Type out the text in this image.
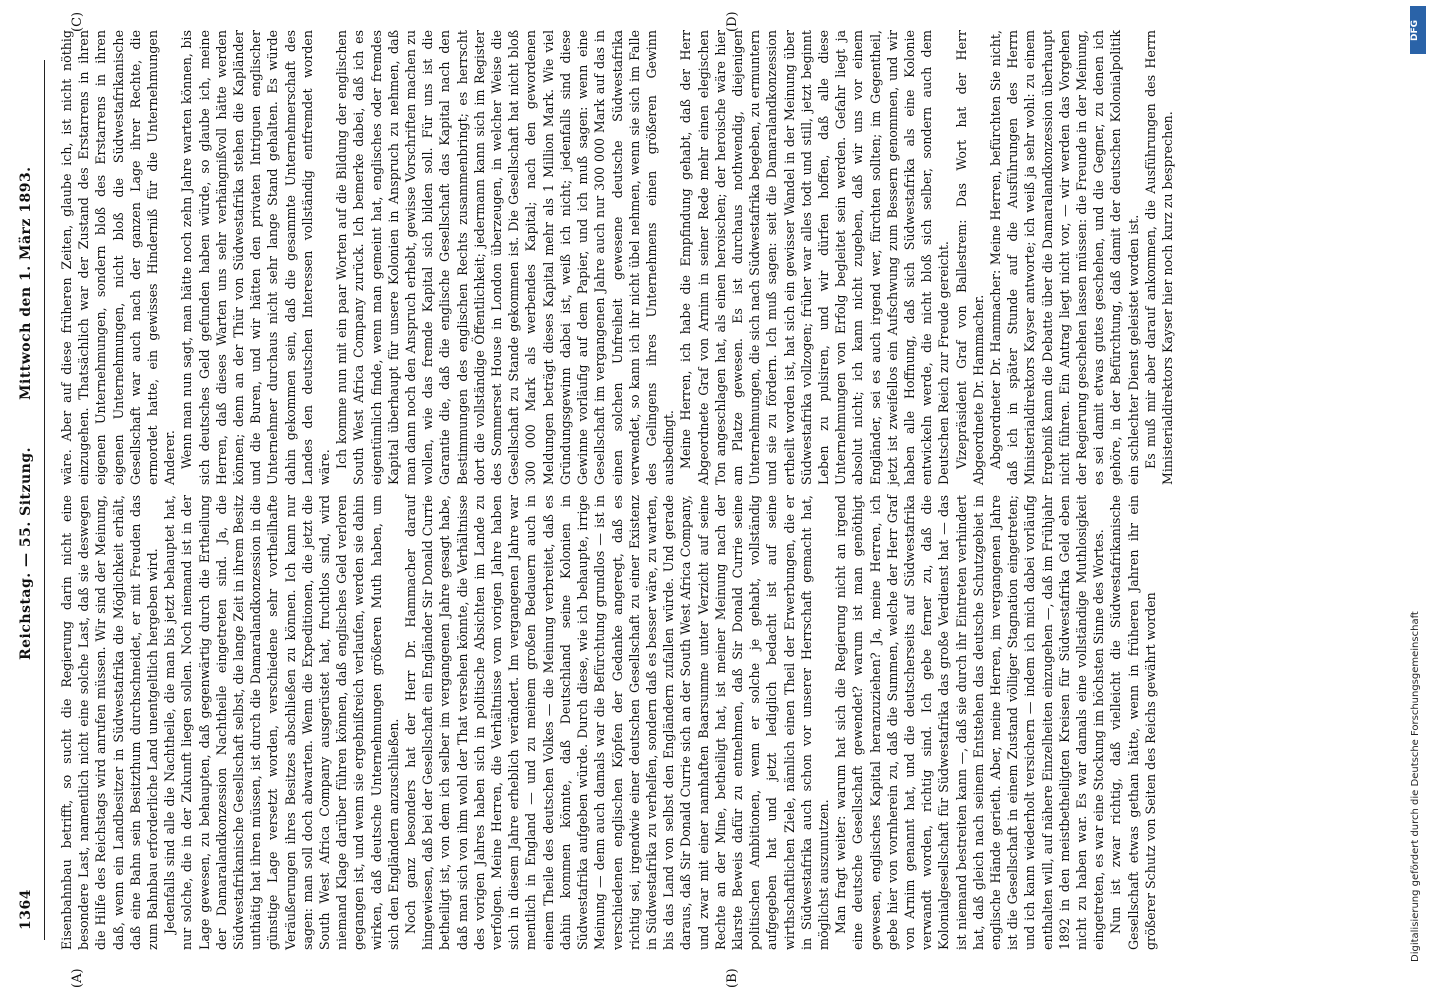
1364
Reichstag. — 55. Sitzung.
Mittwoch den 1. März 1893.
(A)	(B)
(C)	(D)

Eisenbahnbau betrifft, so sucht die Regierung darin nicht eine besondere Last, namentlich nicht eine solche Last, daß sie deswegen die Hilfe des Reichstags wird anrufen müssen. Wir sind der Meinung, daß, wenn ein Landbesitzer in Südwestafrika die Möglichkeit erhält, daß eine Bahn sein Besitzthum durchschneidet, er mit Freuden das zum Bahnbau erforderliche Land unentgeltlich hergeben wird. Jedenfalls sind alle die Nachtheile, die man bis jetzt behauptet hat, nur solche, die in der Zukunft liegen sollen. Noch niemand ist in der Lage gewesen, zu behaupten, daß gegenwärtig durch die Ertheilung der Damaralandkonzession Nachtheile eingetreten sind. Ja, die Südwestafrikanische Gesellschaft selbst, die lange Zeit in ihrem Besitz unthätig hat ihren müssen, ist durch die Damaralandkonzession in die günstige Lage versetzt worden, verschiedene sehr vortheilhafte Veräußerungen ihres Besitzes abschließen zu können. Ich kann nur sagen: man soll doch abwarten. Wenn die Expeditionen, die jetzt die South West Africa Company ausgerüstet hat, fruchtlos sind, wird niemand Klage darüber führen können, daß englisches Geld verloren gegangen ist, und wenn sie ergebnißreich verlaufen, werden sie dahin wirken, daß deutsche Unternehmungen größeren Muth haben, um sich den Engländern anzuschließen. Noch ganz besonders hat der Herr Dr. Hammacher darauf hingewiesen, daß bei der Gesellschaft ein Engländer Sir Donald Currie betheiligt ist, von dem ich selber im vergangenen Jahre gesagt habe, daß man sich von ihm wohl der That versehen könnte, die Verhältnisse des vorigen Jahres haben sich in politische Absichten im Lande zu verfolgen. Meine Herren, die Verhältnisse vom vorigen Jahre haben sich in diesem Jahre erheblich verändert. Im vergangenen Jahre war mentlich in England — und zu meinem großen Bedauern auch in einem Theile des deutschen Volkes — die Meinung verbreitet, daß es dahin kommen könnte, daß Deutschland seine Kolonien in Südwestafrika aufgeben würde. Durch diese, wie ich behaupte, irrige Meinung — denn auch damals war die Befürchtung grundlos — ist in verschiedenen englischen Köpfen der Gedanke angeregt, daß es richtig sei, irgendwie einer deutschen Gesellschaft zu einer Existenz in Südwestafrika zu verhelfen, sondern daß es besser wäre, zu warten, bis das Land von selbst den Engländern zufallen würde. Und gerade daraus, daß Sir Donald Currie sich an der South West Africa Company, und zwar mit einer namhaften Baarsumme unter Verzicht auf seine Rechte an der Mine, betheiligt hat, ist meiner Meinung nach der klarste Beweis dafür zu entnehmen, daß Sir Donald Currie seine politischen Ambitionen, wenn er solche je gehabt, vollständig aufgegeben hat und jetzt lediglich bedacht ist auf seine wirthschaftlichen Ziele, nämlich einen Theil der Erwerbungen, die er in Südwestafrika auch schon vor unserer Herrschaft gemacht hat, möglichst auszunutzen. Man fragt weiter: warum hat sich die Regierung nicht an irgend eine deutsche Gesellschaft gewendet? warum ist man genöthigt gewesen, englisches Kapital heranzuziehen? Ja, meine Herren, ich gebe hier von vornherein zu, daß die Summen, welche der Herr Graf von Arnim genannt hat, und die deutscherseits auf Südwestafrika verwandt worden, richtig sind. Ich gebe ferner zu, daß die Kolonialgesellschaft für Südwestafrika das große Verdienst hat — das ist niemand bestreiten kann —, daß sie durch ihr Eintreten verhindert hat, daß gleich nach seinem Entstehen das deutsche Schutzgebiet in englische Hände gerieth. Aber, meine Herren, im vergangenen Jahre ist die Gesellschaft in einem Zustand völliger Stagnation eingetreten; und ich kann wiederholt versichern — indem ich mich dabei vorläufig enthalten will, auf nähere Einzelheiten einzugehen —, daß im Frühjahr 1892 in den meistbetheiligten Kreisen für Südwestafrika Geld eben nicht zu haben war. Es war damals eine vollständige Muthlosigkeit eingetreten, es war eine Stockung im höchsten Sinne des Wortes. Nun ist zwar richtig, daß vielleicht die Südwestafrikanische Gesellschaft etwas gethan hätte, wenn in früheren Jahren ihr ein größerer Schutz von Seiten des Reichs gewährt worden

wäre. Aber auf diese früheren Zeiten, glaube ich, ist nicht nöthig einzugehen. Thatsächlich war der Zustand des Erstarrens in ihren eigenen Unternehmungen, sondern bloß des Erstarrens in ihren eigenen Unternehmungen, nicht bloß die Südwestafrikanische Gesellschaft war auch nach der ganzen Lage ihrer Rechte, die ermordet hatte, ein gewisses Hinderniß für die Unternehmungen Anderer. Wenn man nun sagt, man hätte noch zehn Jahre warten können, bis sich deutsches Geld gefunden haben würde, so glaube ich, meine Herren, daß dieses Warten uns sehr verhängnißvoll hätte werden können; denn an der Thür von Südwestafrika stehen die Kapländer und die Buren, und wir hätten den privaten Intriguen englischer Unternehmer durchaus nicht sehr lange Stand gehalten. Es würde dahin gekommen sein, daß die gesammte Unternehmerschaft des Landes den deutschen Interessen vollständig entfremdet worden wäre. Ich komme nun mit ein paar Worten auf die Bildung der englischen South West Africa Company zurück. Ich bemerke dabei, daß ich es eigentümlich finde, wenn man gemeint hat, englisches oder fremdes Kapital überhaupt für unsere Kolonien in Anspruch zu nehmen, daß man dann noch den Anspruch erhebt, gewisse Vorschriften machen zu wollen, wie das fremde Kapital sich bilden soll. Für uns ist die Garantie die, daß die englische Gesellschaft das Kapital nach den Bestimmungen des englischen Rechts zusammenbringt; es herrscht dort die vollständige Öffentlichkeit; jedermann kann sich im Register des Sommerset House in London überzeugen, in welcher Weise die Gesellschaft zu Stande gekommen ist. Die Gesellschaft hat nicht bloß 300 000 Mark als werbendes Kapital; nach den gewordenen Meldungen beträgt dieses Kapital mehr als 1 Million Mark. Wie viel Gründungsgewinn dabei ist, weiß ich nicht; jedenfalls sind diese Gewinne vorläufig auf dem Papier, und ich muß sagen: wenn eine Gesellschaft im vergangenen Jahre auch nur 300 000 Mark auf das in einen solchen Unfreiheit gewesene deutsche Südwestafrika verwendet, so kann ich ihr nicht übel nehmen, wenn sie sich im Falle des Gelingens ihres Unternehmens einen größeren Gewinn ausbedingt. Meine Herren, ich habe die Empfindung gehabt, daß der Herr Abgeordnete Graf von Arnim in seiner Rede mehr einen elegischen Ton angeschlagen hat, als einen heroischen; der heroische wäre hier am Platze gewesen. Es ist durchaus nothwendig, diejenigen Unternehmungen, die sich nach Südwestafrika begeben, zu ermuntern und sie zu fördern. Ich muß sagen: seit die Damaralandkonzession ertheilt worden ist, hat sich ein gewisser Wandel in der Meinung über Südwestafrika vollzogen; früher war alles todt und still, jetzt beginnt Leben zu pulsiren, und wir dürfen hoffen, daß alle diese Unternehmungen von Erfolg begleitet sein werden. Gefahr liegt ja absolut nicht; ich kann nicht zugeben, daß wir uns vor einem Engländer, sei es auch irgend wer, fürchten sollten; im Gegentheil, jetzt ist zweifellos ein Aufschwung zum Bessern genommen, und wir haben alle Hoffnung, daß sich Südwestafrika als eine Kolonie entwickeln werde, die nicht bloß sich selber, sondern auch dem Deutschen Reich zur Freude gereicht. Vizepräsident Graf von Ballestrem: Das Wort hat der Herr Abgeordnete Dr. Hammacher. Abgeordneter Dr. Hammacher: Meine Herren, befürchten Sie nicht, daß ich in später Stunde auf die Ausführungen des Herrn Ministerialdirektors Kayser antworte; ich weiß ja sehr wohl: zu einem Ergebniß kann die Debatte über die Damaralandkonzession überhaupt nicht führen. Ein Antrag liegt nicht vor, — wir werden das Vorgehen der Regierung geschehen lassen müssen: die Freunde in der Meinung, es sei damit etwas gutes geschehen, und die Gegner, zu denen ich gehöre, in der Befürchtung, daß damit der deutschen Kolonialpolitik ein schlechter Dienst geleistet worden ist. Es muß mir aber darauf ankommen, die Ausführungen des Herrn Ministerialdirektors Kayser hier noch kurz zu besprechen.

DFG
Digitalisierung gefördert durch die Deutsche Forschungsgemeinschaft
